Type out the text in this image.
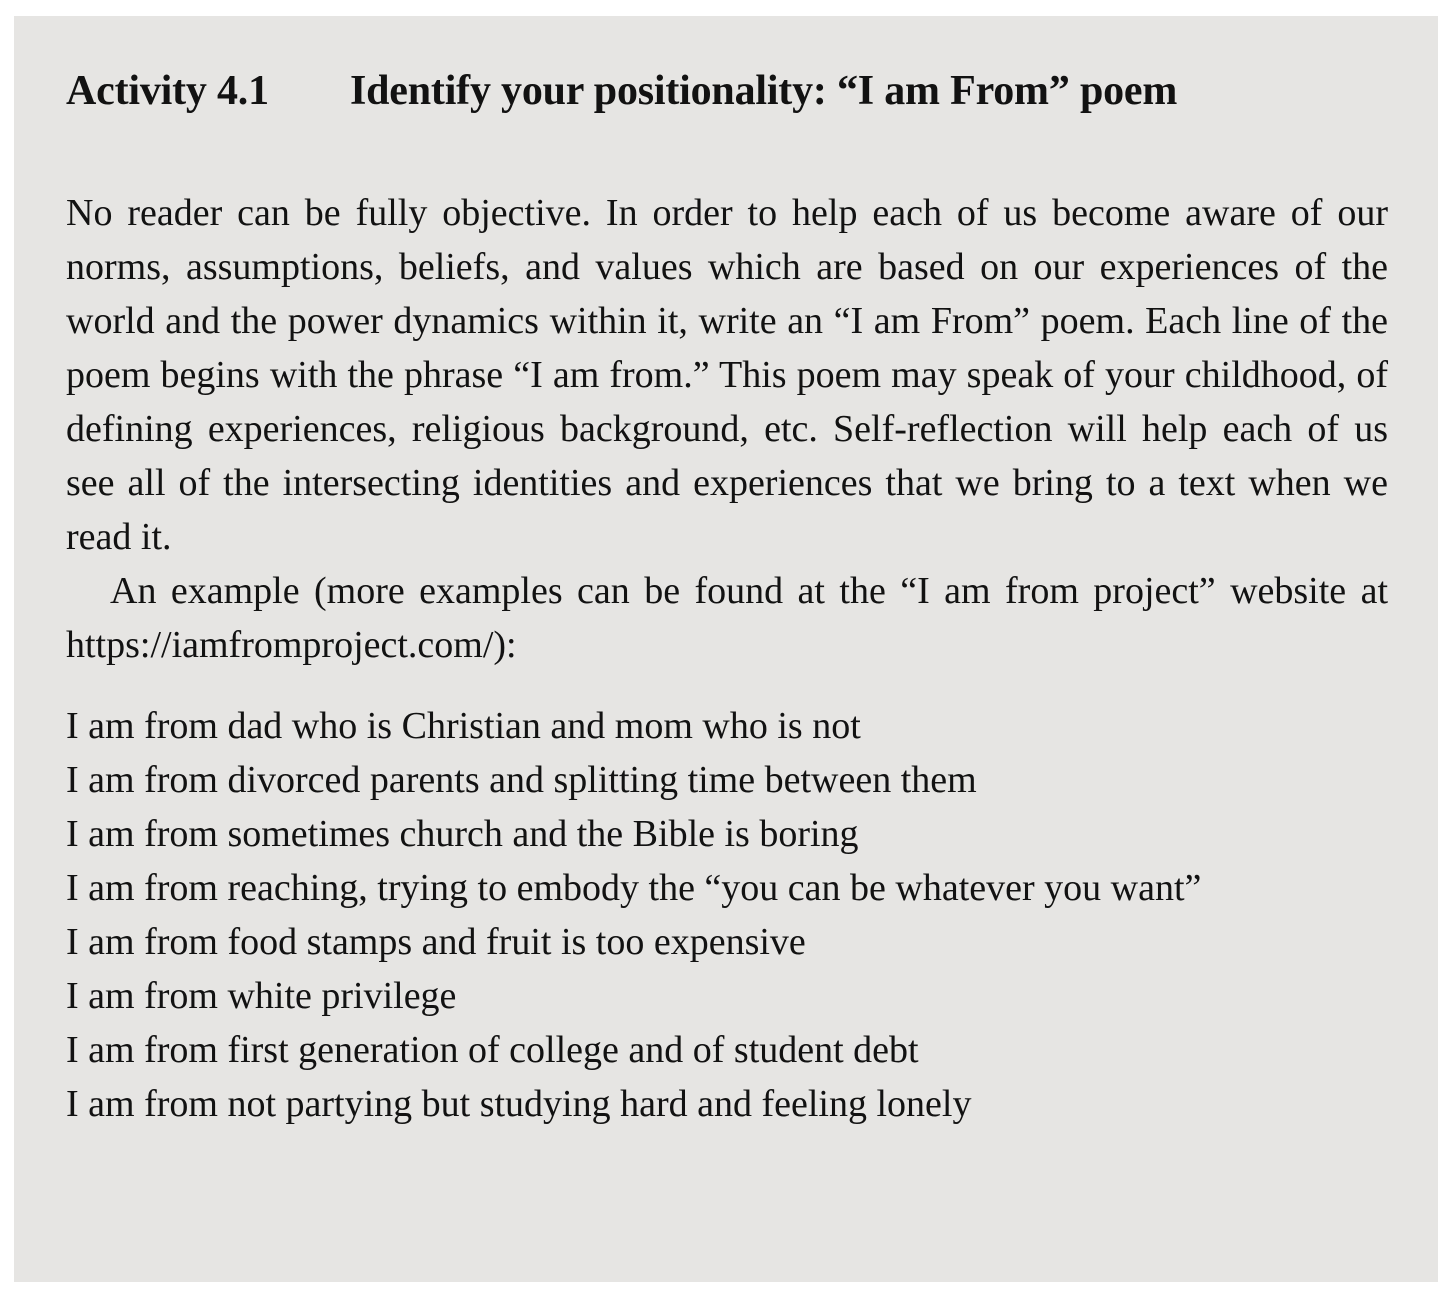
Activity 4.1 Identify your positionality: “I am From” poem

No reader can be fully objective. In order to help each of us become aware of our norms, assumptions, beliefs, and values which are based on our experiences of the world and the power dynamics within it, write an “I am From” poem. Each line of the poem begins with the phrase “I am from.” This poem may speak of your childhood, of defining experiences, religious background, etc. Self-reflection will help each of us see all of the intersecting identities and experiences that we bring to a text when we read it.

An example (more examples can be found at the “I am from project” website at https://iamfromproject.com/):

I am from dad who is Christian and mom who is not
I am from divorced parents and splitting time between them
I am from sometimes church and the Bible is boring
I am from reaching, trying to embody the “you can be whatever you want”
I am from food stamps and fruit is too expensive
I am from white privilege
I am from first generation of college and of student debt
I am from not partying but studying hard and feeling lonely
